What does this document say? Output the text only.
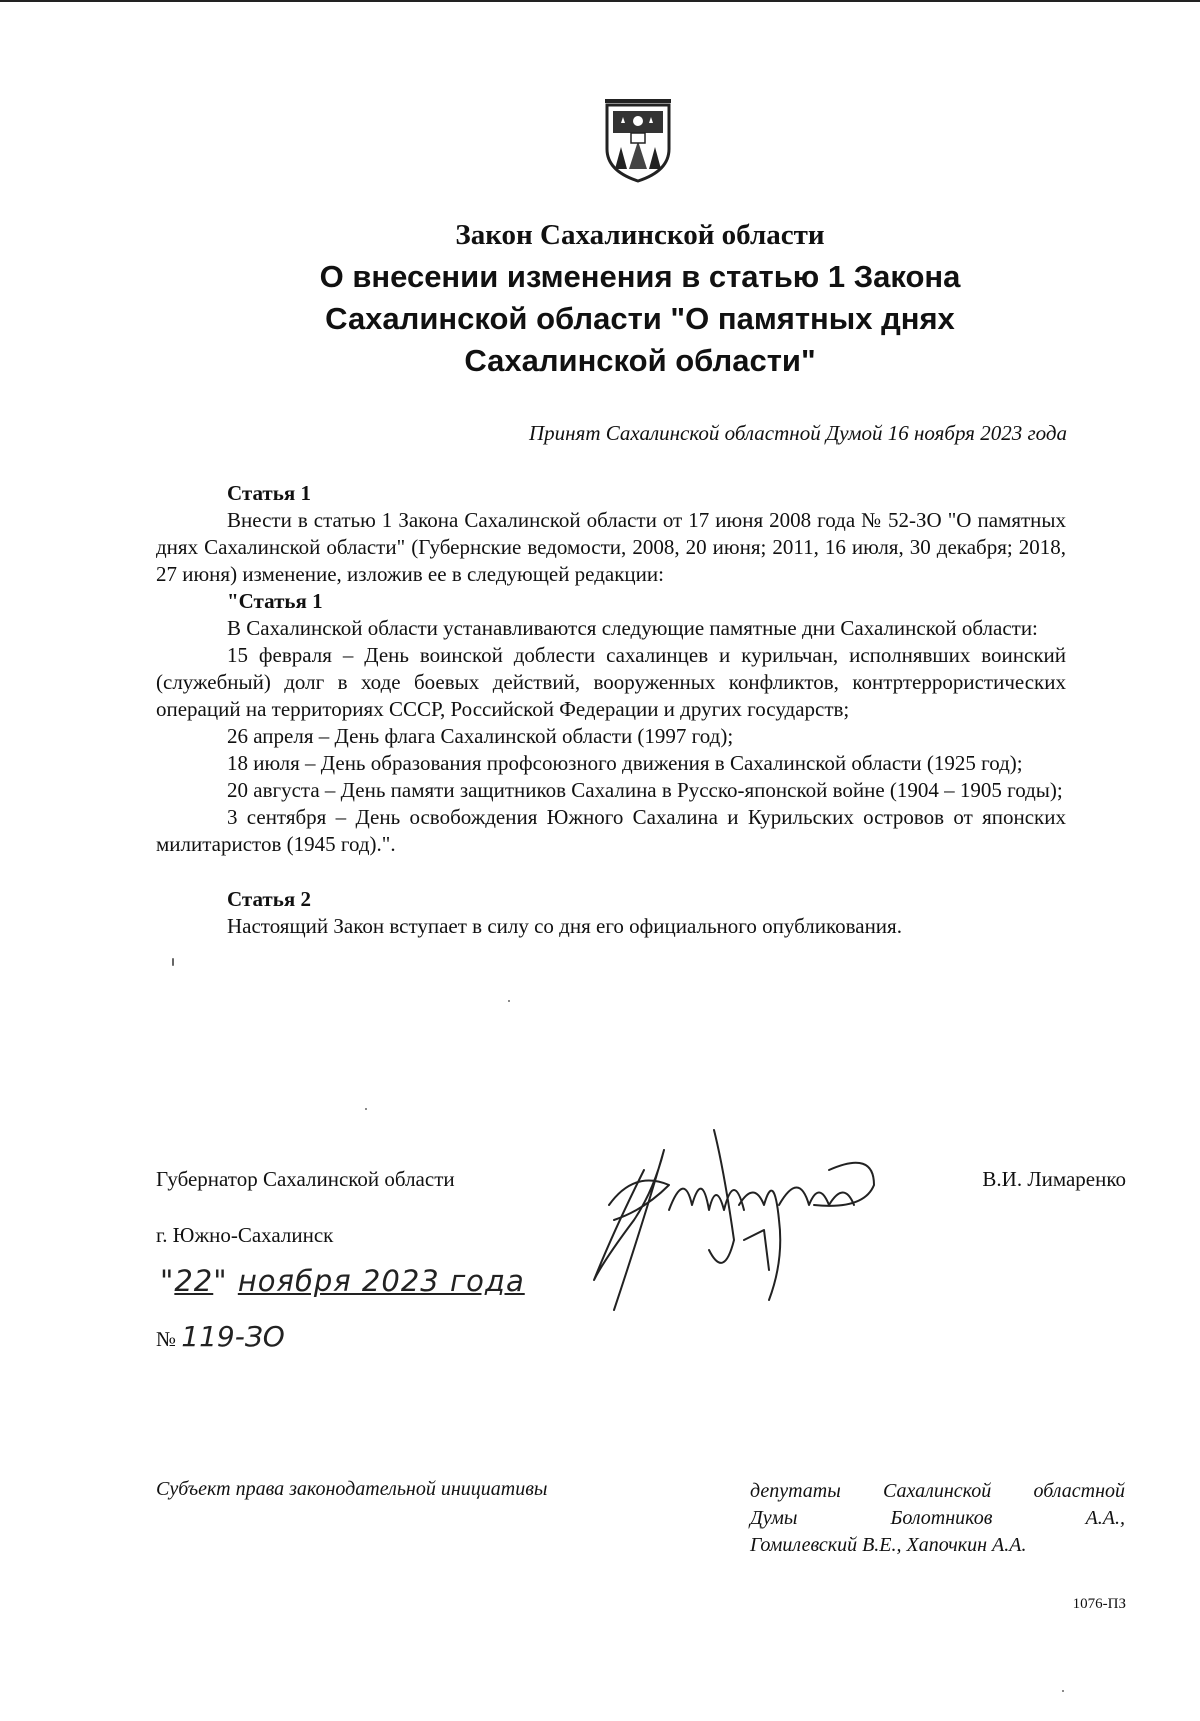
Закон Сахалинской области
О внесении изменения в статью 1 Закона
Сахалинской области "О памятных днях
Сахалинской области"
Принят Сахалинской областной Думой 16 ноября 2023 года

Статья 1

Внести в статью 1 Закона Сахалинской области от 17 июня 2008 года № 52-ЗО "О памятных днях Сахалинской области" (Губернские ведомости, 2008, 20 июня; 2011, 16 июля, 30 декабря; 2018, 27 июня) изменение, изложив ее в следующей редакции:

"Статья 1

В Сахалинской области устанавливаются следующие памятные дни Сахалинской области:

15 февраля – День воинской доблести сахалинцев и курильчан, исполнявших воинский (служебный) долг в ходе боевых действий, вооруженных конфликтов, контртеррористических операций на территориях СССР, Российской Федерации и других государств;

26 апреля – День флага Сахалинской области (1997 год);

18 июля – День образования профсоюзного движения в Сахалинской области (1925 год);

20 августа – День памяти защитников Сахалина в Русско-японской войне (1904 – 1905 годы);

3 сентября – День освобождения Южного Сахалина и Курильских островов от японских милитаристов (1945 год).".

Статья 2

Настоящий Закон вступает в силу со дня его официального опубликования.

Губернатор Сахалинской области	В.И. Лимаренко
г. Южно-Сахалинск
"22" ноября 2023 года
№ 119-ЗО
Субъект права законодательной инициативы	депутаты Сахалинской областной
Думы Болотников А.А.,
Гомилевский В.Е., Хапочкин А.А.
1076-ПЗ
